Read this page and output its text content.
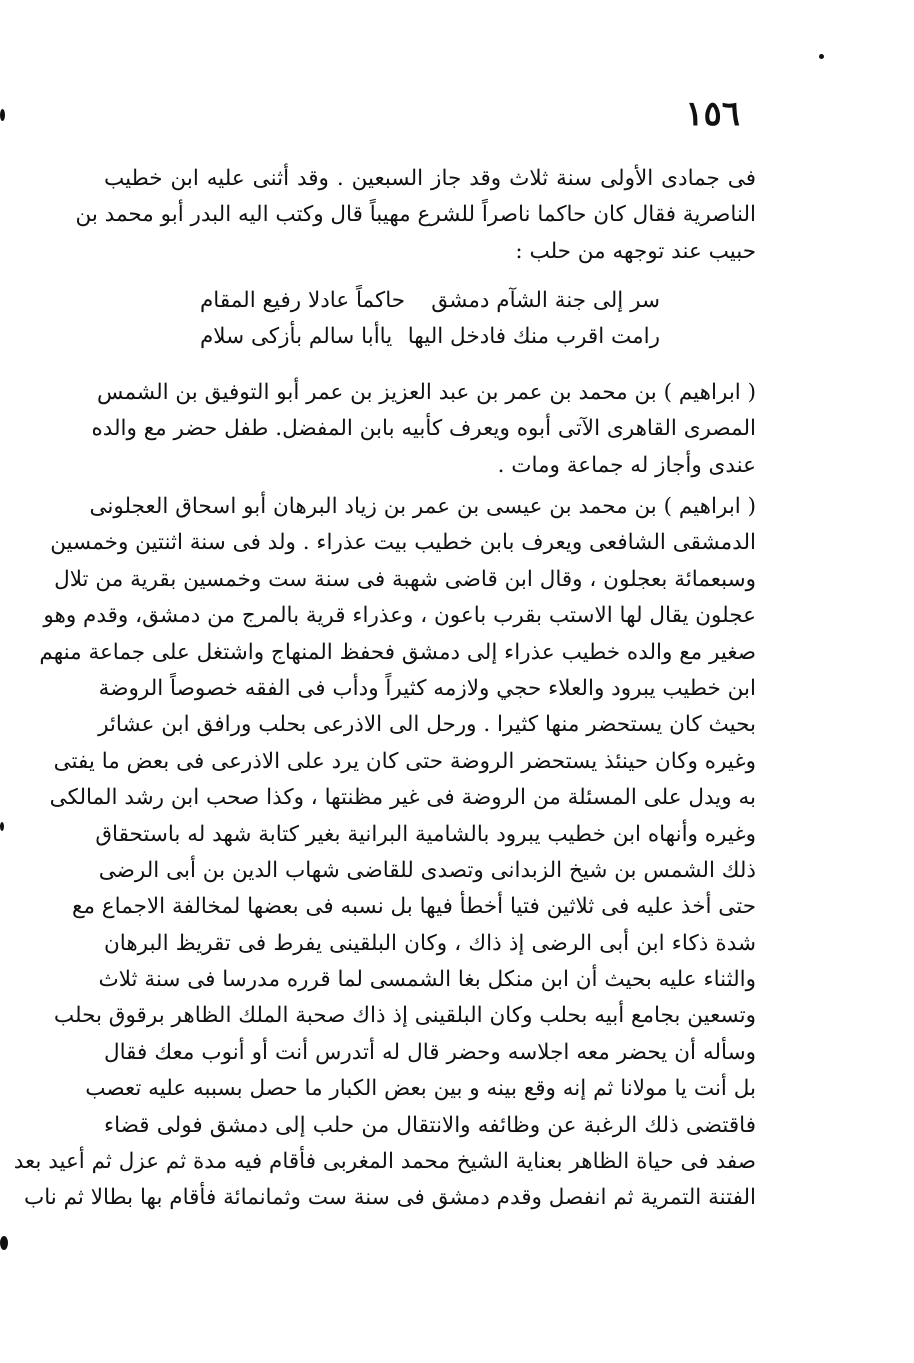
١٥٦
فى جمادى الأولى سنة ثلاث وقد جاز السبعين . وقد أثنى عليه ابن خطيب
الناصرية فقال كان حاكما ناصراً للشرع مهيباً قال وكتب اليه البدر أبو محمد بن
حبيب عند توجهه من حلب :
سر إلى جنة الشآم دمشق
حاكماً عادلا رفيع المقام
رامت اقرب منك فادخل اليها
ياأبا سالم بأزكى سلام
( ابراهيم ) بن محمد بن عمر بن عبد العزيز بن عمر أبو التوفيق بن الشمس
المصرى القاهرى الآتى أبوه ويعرف كأبيه بابن المفضل. طفل حضر مع والده
عندى وأجاز له جماعة ومات .
( ابراهيم ) بن محمد بن عيسى بن عمر بن زياد البرهان أبو اسحاق العجلونى
الدمشقى الشافعى ويعرف بابن خطيب بيت عذراء . ولد فى سنة اثنتين وخمسين
وسبعمائة بعجلون ، وقال ابن قاضى شهبة فى سنة ست وخمسين بقرية من تلال
عجلون يقال لها الاستب بقرب باعون ، وعذراء قرية بالمرج من دمشق، وقدم وهو
صغير مع والده خطيب عذراء إلى دمشق فحفظ المنهاج واشتغل على جماعة منهم
ابن خطيب يبرود والعلاء حجي ولازمه كثيراً ودأب فى الفقه خصوصاً الروضة
بحيث كان يستحضر منها كثيرا . ورحل الى الاذرعى بحلب ورافق ابن عشائر
وغيره وكان حينئذ يستحضر الروضة حتى كان يرد على الاذرعى فى بعض ما يفتى
به ويدل على المسئلة من الروضة فى غير مظنتها ، وكذا صحب ابن رشد المالكى
وغيره وأنهاه ابن خطيب يبرود بالشامية البرانية بغير كتابة شهد له باستحقاق
ذلك الشمس بن شيخ الزبدانى وتصدى للقاضى شهاب الدين بن أبى الرضى
حتى أخذ عليه فى ثلاثين فتيا أخطأ فيها بل نسبه فى بعضها لمخالفة الاجماع مع
شدة ذكاء ابن أبى الرضى إذ ذاك ، وكان البلقينى يفرط فى تقريظ البرهان
والثناء عليه بحيث أن ابن منكل بغا الشمسى لما قرره مدرسا فى سنة ثلاث
وتسعين بجامع أبيه بحلب وكان البلقينى إذ ذاك صحبة الملك الظاهر برقوق بحلب
وسأله أن يحضر معه اجلاسه وحضر قال له أتدرس أنت أو أنوب معك فقال
بل أنت يا مولانا ثم إنه وقع بينه و بين بعض الكبار ما حصل بسببه عليه تعصب
فاقتضى ذلك الرغبة عن وظائفه والانتقال من حلب إلى دمشق فولى قضاء
صفد فى حياة الظاهر بعناية الشيخ محمد المغربى فأقام فيه مدة ثم عزل ثم أعيد بعد
الفتنة التمرية ثم انفصل وقدم دمشق فى سنة ست وثمانمائة فأقام بها بطالا ثم ناب
